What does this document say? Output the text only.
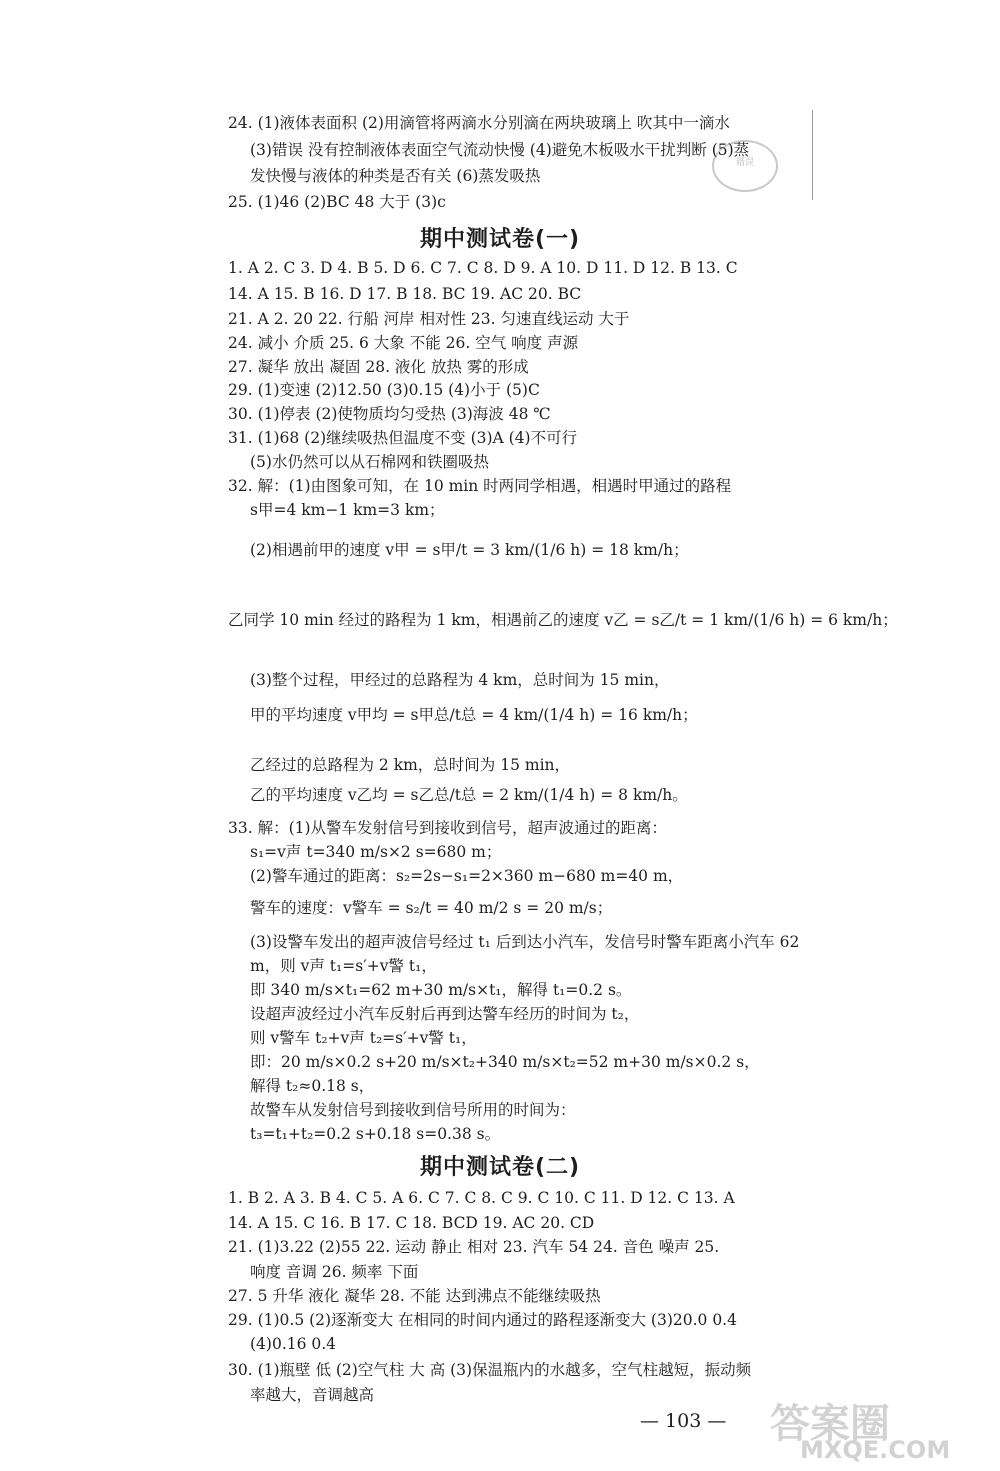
错误
24. (1)液体表面积 (2)用滴管将两滴水分别滴在两块玻璃上 吹其中一滴水
(3)错误 没有控制液体表面空气流动快慢 (4)避免木板吸水干扰判断 (5)蒸
发快慢与液体的种类是否有关 (6)蒸发吸热
25. (1)46 (2)BC 48 大于 (3)c
期中测试卷(一)
1. A 2. C 3. D 4. B 5. D 6. C 7. C 8. D 9. A 10. D 11. D 12. B 13. C
14. A 15. B 16. D 17. B 18. BC 19. AC 20. BC
21. A 2. 20 22. 行船 河岸 相对性 23. 匀速直线运动 大于
24. 减小 介质 25. 6 大象 不能 26. 空气 响度 声源
27. 凝华 放出 凝固 28. 液化 放热 雾的形成
29. (1)变速 (2)12.50 (3)0.15 (4)小于 (5)C
30. (1)停表 (2)使物质均匀受热 (3)海波 48 ℃
31. (1)68 (2)继续吸热但温度不变 (3)A (4)不可行
(5)水仍然可以从石棉网和铁圈吸热
32. 解：(1)由图象可知，在 10 min 时两同学相遇，相遇时甲通过的路程
s甲=4 km−1 km=3 km；
(2)相遇前甲的速度 v甲 = s甲/t = 3 km/(1/6 h) = 18 km/h；
乙同学 10 min 经过的路程为 1 km，相遇前乙的速度 v乙 = s乙/t = 1 km/(1/6 h) = 6 km/h；
(3)整个过程，甲经过的总路程为 4 km，总时间为 15 min，
甲的平均速度 v甲均 = s甲总/t总 = 4 km/(1/4 h) = 16 km/h；
乙经过的总路程为 2 km，总时间为 15 min，
乙的平均速度 v乙均 = s乙总/t总 = 2 km/(1/4 h) = 8 km/h。
33. 解：(1)从警车发射信号到接收到信号，超声波通过的距离：
s₁=v声 t=340 m/s×2 s=680 m；
(2)警车通过的距离：s₂=2s−s₁=2×360 m−680 m=40 m，
警车的速度：v警车 = s₂/t = 40 m/2 s = 20 m/s；
(3)设警车发出的超声波信号经过 t₁ 后到达小汽车，发信号时警车距离小汽车 62
m，则 v声 t₁=s′+v警 t₁，
即 340 m/s×t₁=62 m+30 m/s×t₁，解得 t₁=0.2 s。
设超声波经过小汽车反射后再到达警车经历的时间为 t₂，
则 v警车 t₂+v声 t₂=s′+v警 t₁，
即：20 m/s×0.2 s+20 m/s×t₂+340 m/s×t₂=52 m+30 m/s×0.2 s，
解得 t₂≈0.18 s，
故警车从发射信号到接收到信号所用的时间为：
t₃=t₁+t₂=0.2 s+0.18 s=0.38 s。
期中测试卷(二)
1. B 2. A 3. B 4. C 5. A 6. C 7. C 8. C 9. C 10. C 11. D 12. C 13. A
14. A 15. C 16. B 17. C 18. BCD 19. AC 20. CD
21. (1)3.22 (2)55 22. 运动 静止 相对 23. 汽车 54 24. 音色 噪声 25.
响度 音调 26. 频率 下面
27. 5 升华 液化 凝华 28. 不能 达到沸点不能继续吸热
29. (1)0.5 (2)逐渐变大 在相同的时间内通过的路程逐渐变大 (3)20.0 0.4
(4)0.16 0.4
30. (1)瓶壁 低 (2)空气柱 大 高 (3)保温瓶内的水越多，空气柱越短，振动频
率越大，音调越高
— 103 — 答案圈
MXQE.COM
